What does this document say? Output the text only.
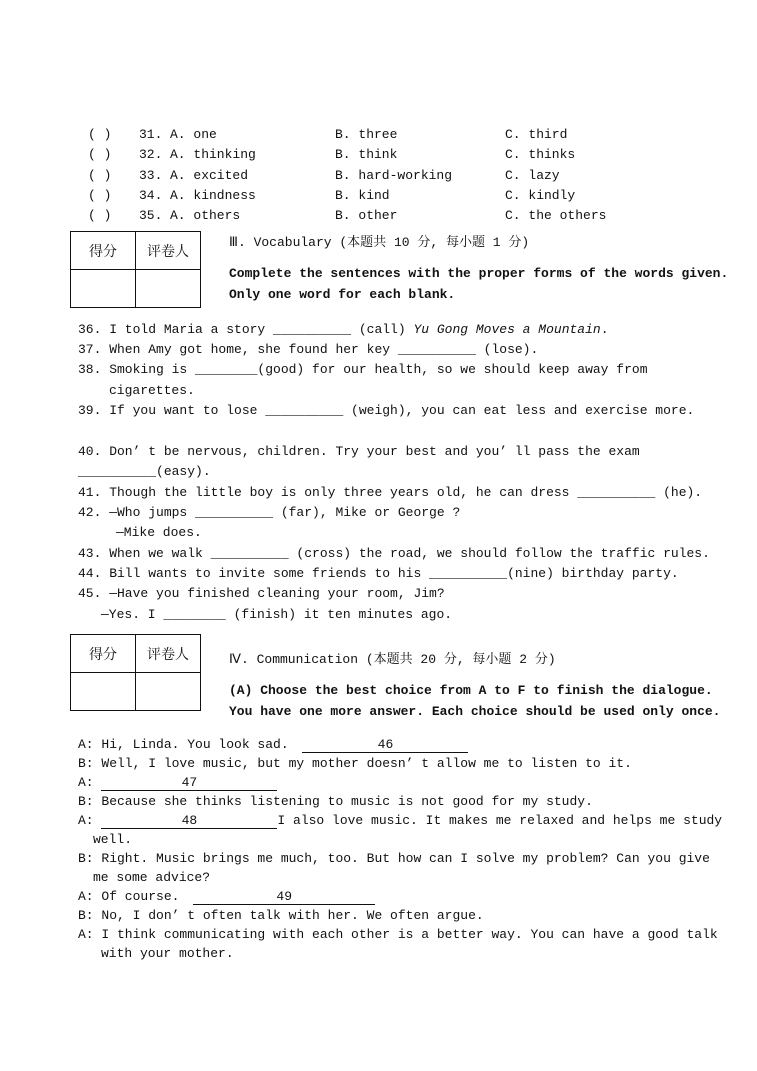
( ) 31. A. one	B. three	C. third
( ) 32. A. thinking	B. think	C. thinks
( ) 33. A. excited	B. hard-working	C. lazy
( ) 34. A. kindness	B. kind	C. kindly
( ) 35. A. others	B. other	C. the others
得分	评卷人

Ⅲ. Vocabulary (本题共 10 分, 每小题 1 分)
Complete the sentences with the proper forms of the words given.
Only one word for each blank.
36. I told Maria a story __________ (call) Yu Gong Moves a Mountain.
37. When Amy got home, she found her key __________ (lose).
38. Smoking is ________(good) for our health, so we should keep away from
cigarettes.
39. If you want to lose __________ (weigh), you can eat less and exercise more.
40. Don’ t be nervous, children. Try your best and you’ ll pass the exam
__________(easy).
41. Though the little boy is only three years old, he can dress __________ (he).
42. —Who jumps __________ (far), Mike or George ?
—Mike does.
43. When we walk __________ (cross) the road, we should follow the traffic rules.
44. Bill wants to invite some friends to his __________(nine) birthday party.
45. —Have you finished cleaning your room, Jim?
—Yes. I ________ (finish) it ten minutes ago.
得分	评卷人
		Ⅳ. Communication (本题共 20 分, 每小题 2 分)
(A) Choose the best choice from A to F to finish the dialogue.
You have one more answer. Each choice should be used only once.
A: Hi, Linda. You look sad.	46
B: Well, I love music, but my mother doesn’ t allow me to listen to it.
A:	47
B: Because she thinks listening to music is not good for my study.
A:	48	I also love music. It makes me relaxed and helps me study
well.
B: Right. Music brings me much, too. But how can I solve my problem? Can you give
me some advice?
A: Of course.	49
B: No, I don’ t often talk with her. We often argue.
A: I think communicating with each other is a better way. You can have a good talk
with your mother.
